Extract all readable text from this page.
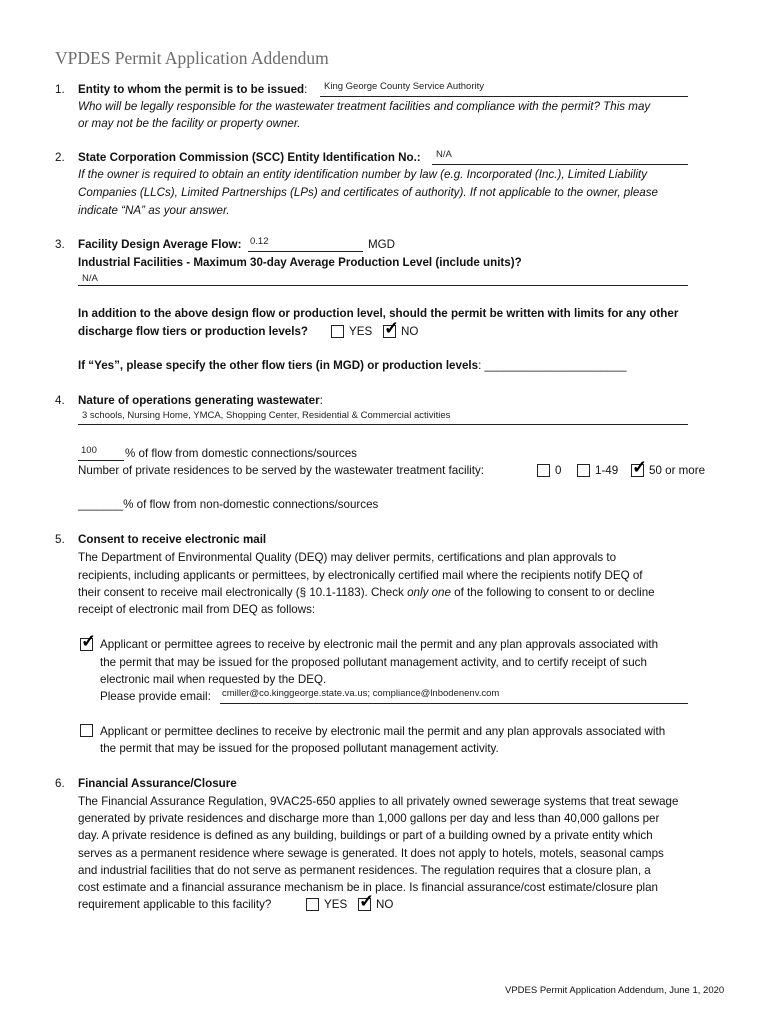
VPDES Permit Application Addendum
1. Entity to whom the permit is to be issued: King George County Service Authority
Who will be legally responsible for the wastewater treatment facilities and compliance with the permit? This may
or may not be the facility or property owner.
2. State Corporation Commission (SCC) Entity Identification No.: N/A
If the owner is required to obtain an entity identification number by law (e.g. Incorporated (Inc.), Limited Liability
Companies (LLCs), Limited Partnerships (LPs) and certificates of authority). If not applicable to the owner, please
indicate “NA” as your answer.
3. Facility Design Average Flow: 0.12	MGD
Industrial Facilities - Maximum 30-day Average Production Level (include units)?
N/A
In addition to the above design flow or production level, should the permit be written with limits for any other
discharge flow tiers or production levels?	YES ✓ NO
If “Yes”, please specify the other flow tiers (in MGD) or production levels: ______________________
4. Nature of operations generating wastewater:
3 schools, Nursing Home, YMCA, Shopping Center, Residential & Commercial activities
100 % of flow from domestic connections/sources
Number of private residences to be served by the wastewater treatment facility:	0	1-49 ✓ 50 or more
_______% of flow from non-domestic connections/sources
5. Consent to receive electronic mail
The Department of Environmental Quality (DEQ) may deliver permits, certifications and plan approvals to
recipients, including applicants or permittees, by electronically certified mail where the recipients notify DEQ of
their consent to receive mail electronically (§ 10.1-1183). Check only one of the following to consent to or decline
receipt of electronic mail from DEQ as follows:
✓ Applicant or permittee agrees to receive by electronic mail the permit and any plan approvals associated with
the permit that may be issued for the proposed pollutant management activity, and to certify receipt of such
electronic mail when requested by the DEQ.
Please provide email: cmiller@co.kinggeorge.state.va.us; compliance@lnbodenenv.com
Applicant or permittee declines to receive by electronic mail the permit and any plan approvals associated with
the permit that may be issued for the proposed pollutant management activity.
6. Financial Assurance/Closure
The Financial Assurance Regulation, 9VAC25-650 applies to all privately owned sewerage systems that treat sewage
generated by private residences and discharge more than 1,000 gallons per day and less than 40,000 gallons per
day. A private residence is defined as any building, buildings or part of a building owned by a private entity which
serves as a permanent residence where sewage is generated. It does not apply to hotels, motels, seasonal camps
and industrial facilities that do not serve as permanent residences. The regulation requires that a closure plan, a
cost estimate and a financial assurance mechanism be in place. Is financial assurance/cost estimate/closure plan
requirement applicable to this facility?	YES ✓ NO
VPDES Permit Application Addendum, June 1, 2020
